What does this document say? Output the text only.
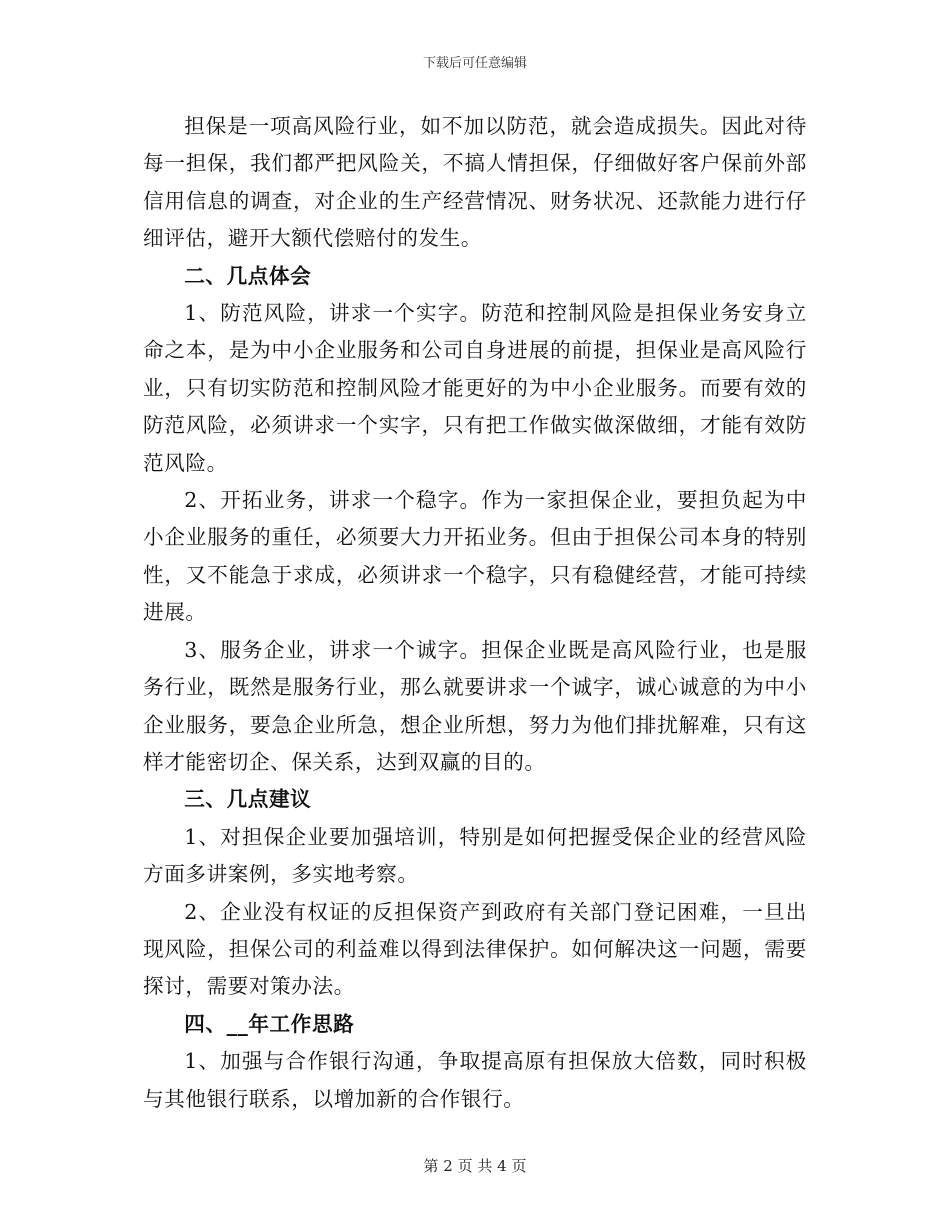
下载后可任意编辑

担保是一项高风险行业，如不加以防范，就会造成损失。因此对待每一担保，我们都严把风险关，不搞人情担保，仔细做好客户保前外部信用信息的调查，对企业的生产经营情况、财务状况、还款能力进行仔细评估，避开大额代偿赔付的发生。

二、几点体会

1、防范风险，讲求一个实字。防范和控制风险是担保业务安身立命之本，是为中小企业服务和公司自身进展的前提，担保业是高风险行业，只有切实防范和控制风险才能更好的为中小企业服务。而要有效的防范风险，必须讲求一个实字，只有把工作做实做深做细，才能有效防范风险。

2、开拓业务，讲求一个稳字。作为一家担保企业，要担负起为中小企业服务的重任，必须要大力开拓业务。但由于担保公司本身的特别性，又不能急于求成，必须讲求一个稳字，只有稳健经营，才能可持续进展。

3、服务企业，讲求一个诚字。担保企业既是高风险行业，也是服务行业，既然是服务行业，那么就要讲求一个诚字，诚心诚意的为中小企业服务，要急企业所急，想企业所想，努力为他们排扰解难，只有这样才能密切企、保关系，达到双赢的目的。

三、几点建议

1、对担保企业要加强培训，特别是如何把握受保企业的经营风险方面多讲案例，多实地考察。

2、企业没有权证的反担保资产到政府有关部门登记困难，一旦出现风险，担保公司的利益难以得到法律保护。如何解决这一问题，需要探讨，需要对策办法。

四、__年工作思路

1、加强与合作银行沟通，争取提高原有担保放大倍数，同时积极与其他银行联系，以增加新的合作银行。

第 2 页 共 4 页
